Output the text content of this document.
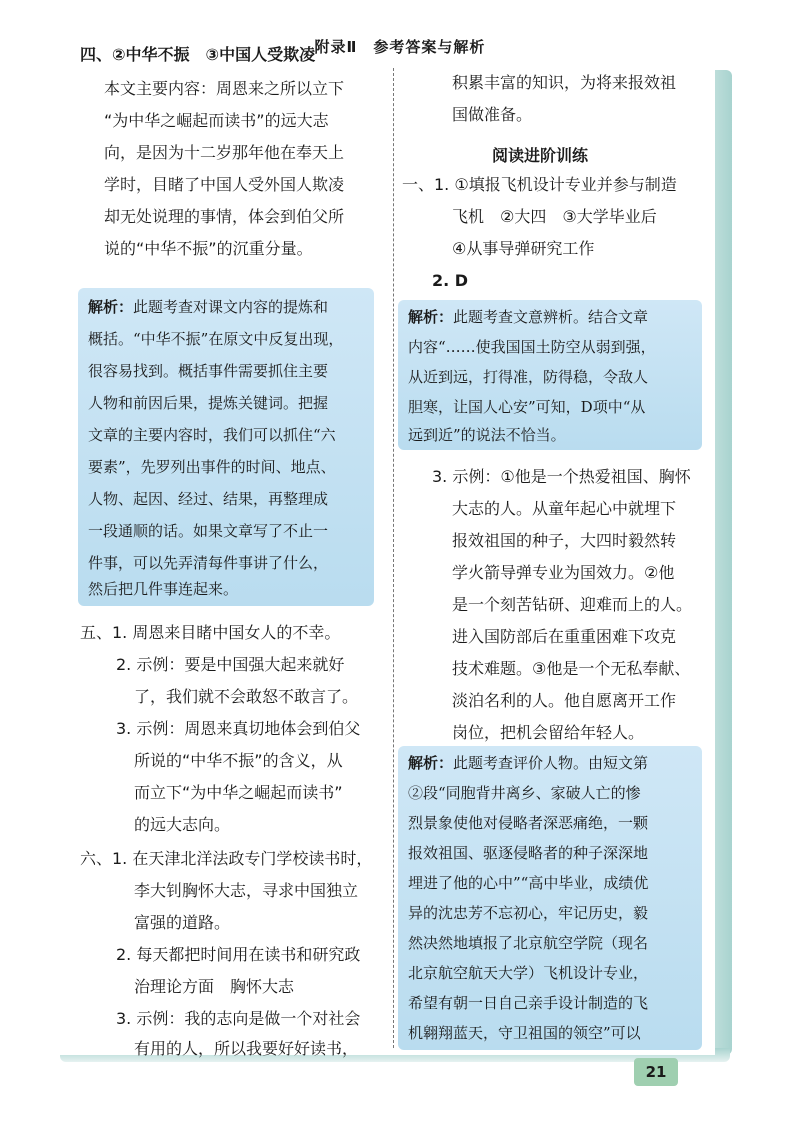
附录Ⅱ　参考答案与解析
四、②中华不振　③中国人受欺凌
本文主要内容：周恩来之所以立下
“为中华之崛起而读书”的远大志
向，是因为十二岁那年他在奉天上
学时，目睹了中国人受外国人欺凌
却无处说理的事情，体会到伯父所
说的“中华不振”的沉重分量。
解析：此题考查对课文内容的提炼和
概括。“中华不振”在原文中反复出现，
很容易找到。概括事件需要抓住主要
人物和前因后果，提炼关键词。把握
文章的主要内容时，我们可以抓住“六
要素”，先罗列出事件的时间、地点、
人物、起因、经过、结果，再整理成
一段通顺的话。如果文章写了不止一
件事，可以先弄清每件事讲了什么，
然后把几件事连起来。
五、1. 周恩来目睹中国女人的不幸。
2. 示例：要是中国强大起来就好
了，我们就不会敢怒不敢言了。
3. 示例：周恩来真切地体会到伯父
所说的“中华不振”的含义，从
而立下“为中华之崛起而读书”
的远大志向。
六、1. 在天津北洋法政专门学校读书时，
李大钊胸怀大志，寻求中国独立
富强的道路。
2. 每天都把时间用在读书和研究政
治理论方面　胸怀大志
3. 示例：我的志向是做一个对社会
有用的人，所以我要好好读书，
积累丰富的知识，为将来报效祖
国做准备。
阅读进阶训练
一、1. ①填报飞机设计专业并参与制造
飞机　②大四　③大学毕业后
④从事导弹研究工作
2. D
解析：此题考查文意辨析。结合文章
内容“……使我国国土防空从弱到强，
从近到远，打得准，防得稳，令敌人
胆寒，让国人心安”可知，D项中“从
远到近”的说法不恰当。
3. 示例：①他是一个热爱祖国、胸怀
大志的人。从童年起心中就埋下
报效祖国的种子，大四时毅然转
学火箭导弹专业为国效力。②他
是一个刻苦钻研、迎难而上的人。
进入国防部后在重重困难下攻克
技术难题。③他是一个无私奉献、
淡泊名利的人。他自愿离开工作
岗位，把机会留给年轻人。
解析：此题考查评价人物。由短文第
②段“同胞背井离乡、家破人亡的惨
烈景象使他对侵略者深恶痛绝，一颗
报效祖国、驱逐侵略者的种子深深地
埋进了他的心中”“高中毕业，成绩优
异的沈忠芳不忘初心，牢记历史，毅
然决然地填报了北京航空学院（现名
北京航空航天大学）飞机设计专业，
希望有朝一日自己亲手设计制造的飞
机翱翔蓝天，守卫祖国的领空”可以
21
